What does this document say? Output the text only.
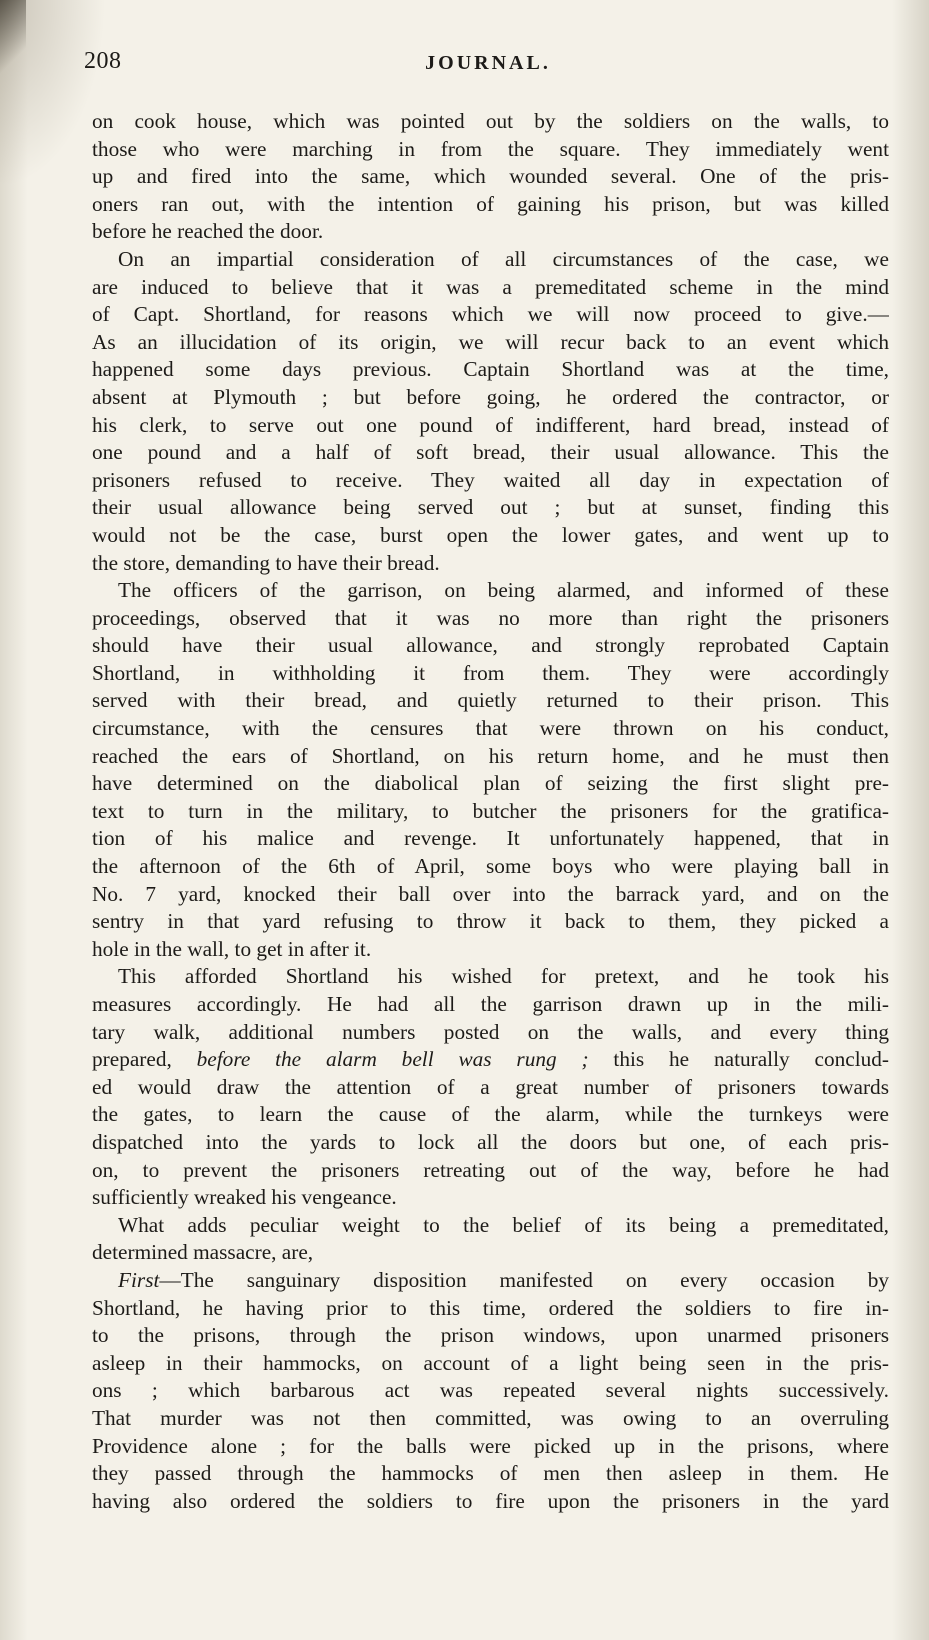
208	JOURNAL.
on cook house, which was pointed out by the soldiers on the walls, to
those who were marching in from the square. They immediately went
up and fired into the same, which wounded several. One of the pris-
oners ran out, with the intention of gaining his prison, but was killed
before he reached the door.
On an impartial consideration of all circumstances of the case, we
are induced to believe that it was a premeditated scheme in the mind
of Capt. Shortland, for reasons which we will now proceed to give.—
As an illucidation of its origin, we will recur back to an event which
happened some days previous. Captain Shortland was at the time,
absent at Plymouth ; but before going, he ordered the contractor, or
his clerk, to serve out one pound of indifferent, hard bread, instead of
one pound and a half of soft bread, their usual allowance. This the
prisoners refused to receive. They waited all day in expectation of
their usual allowance being served out ; but at sunset, finding this
would not be the case, burst open the lower gates, and went up to
the store, demanding to have their bread.
The officers of the garrison, on being alarmed, and informed of these
proceedings, observed that it was no more than right the prisoners
should have their usual allowance, and strongly reprobated Captain
Shortland, in withholding it from them. They were accordingly
served with their bread, and quietly returned to their prison. This
circumstance, with the censures that were thrown on his conduct,
reached the ears of Shortland, on his return home, and he must then
have determined on the diabolical plan of seizing the first slight pre-
text to turn in the military, to butcher the prisoners for the gratifica-
tion of his malice and revenge. It unfortunately happened, that in
the afternoon of the 6th of April, some boys who were playing ball in
No. 7 yard, knocked their ball over into the barrack yard, and on the
sentry in that yard refusing to throw it back to them, they picked a
hole in the wall, to get in after it.
This afforded Shortland his wished for pretext, and he took his
measures accordingly. He had all the garrison drawn up in the mili-
tary walk, additional numbers posted on the walls, and every thing
prepared, before the alarm bell was rung ; this he naturally conclud-
ed would draw the attention of a great number of prisoners towards
the gates, to learn the cause of the alarm, while the turnkeys were
dispatched into the yards to lock all the doors but one, of each pris-
on, to prevent the prisoners retreating out of the way, before he had
sufficiently wreaked his vengeance.
What adds peculiar weight to the belief of its being a premeditated,
determined massacre, are,
First—The sanguinary disposition manifested on every occasion by
Shortland, he having prior to this time, ordered the soldiers to fire in-
to the prisons, through the prison windows, upon unarmed prisoners
asleep in their hammocks, on account of a light being seen in the pris-
ons ; which barbarous act was repeated several nights successively.
That murder was not then committed, was owing to an overruling
Providence alone ; for the balls were picked up in the prisons, where
they passed through the hammocks of men then asleep in them. He
having also ordered the soldiers to fire upon the prisoners in the yard
